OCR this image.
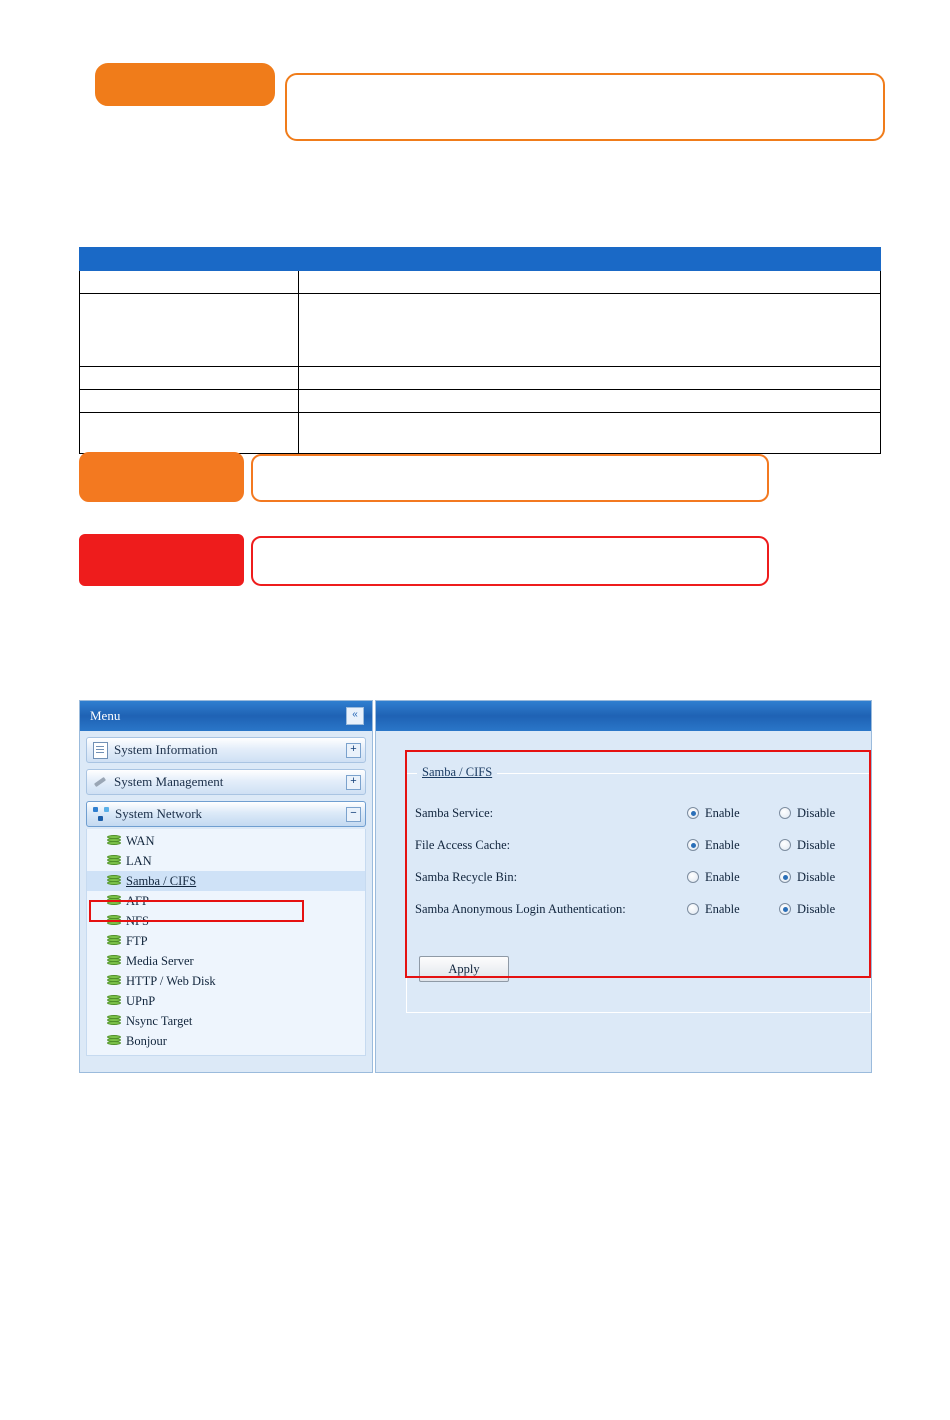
Menu	«
System Information	+
System Management	+
System Network	−
WAN
LAN
Samba / CIFS
AFP
NFS
FTP
Media Server
HTTP / Web Disk
UPnP
Nsync Target
Bonjour
Samba / CIFS
Samba Service:	Enable	Disable
File Access Cache:	Enable	Disable
Samba Recycle Bin:	Enable	Disable
Samba Anonymous Login Authentication:	Enable	Disable
Apply
